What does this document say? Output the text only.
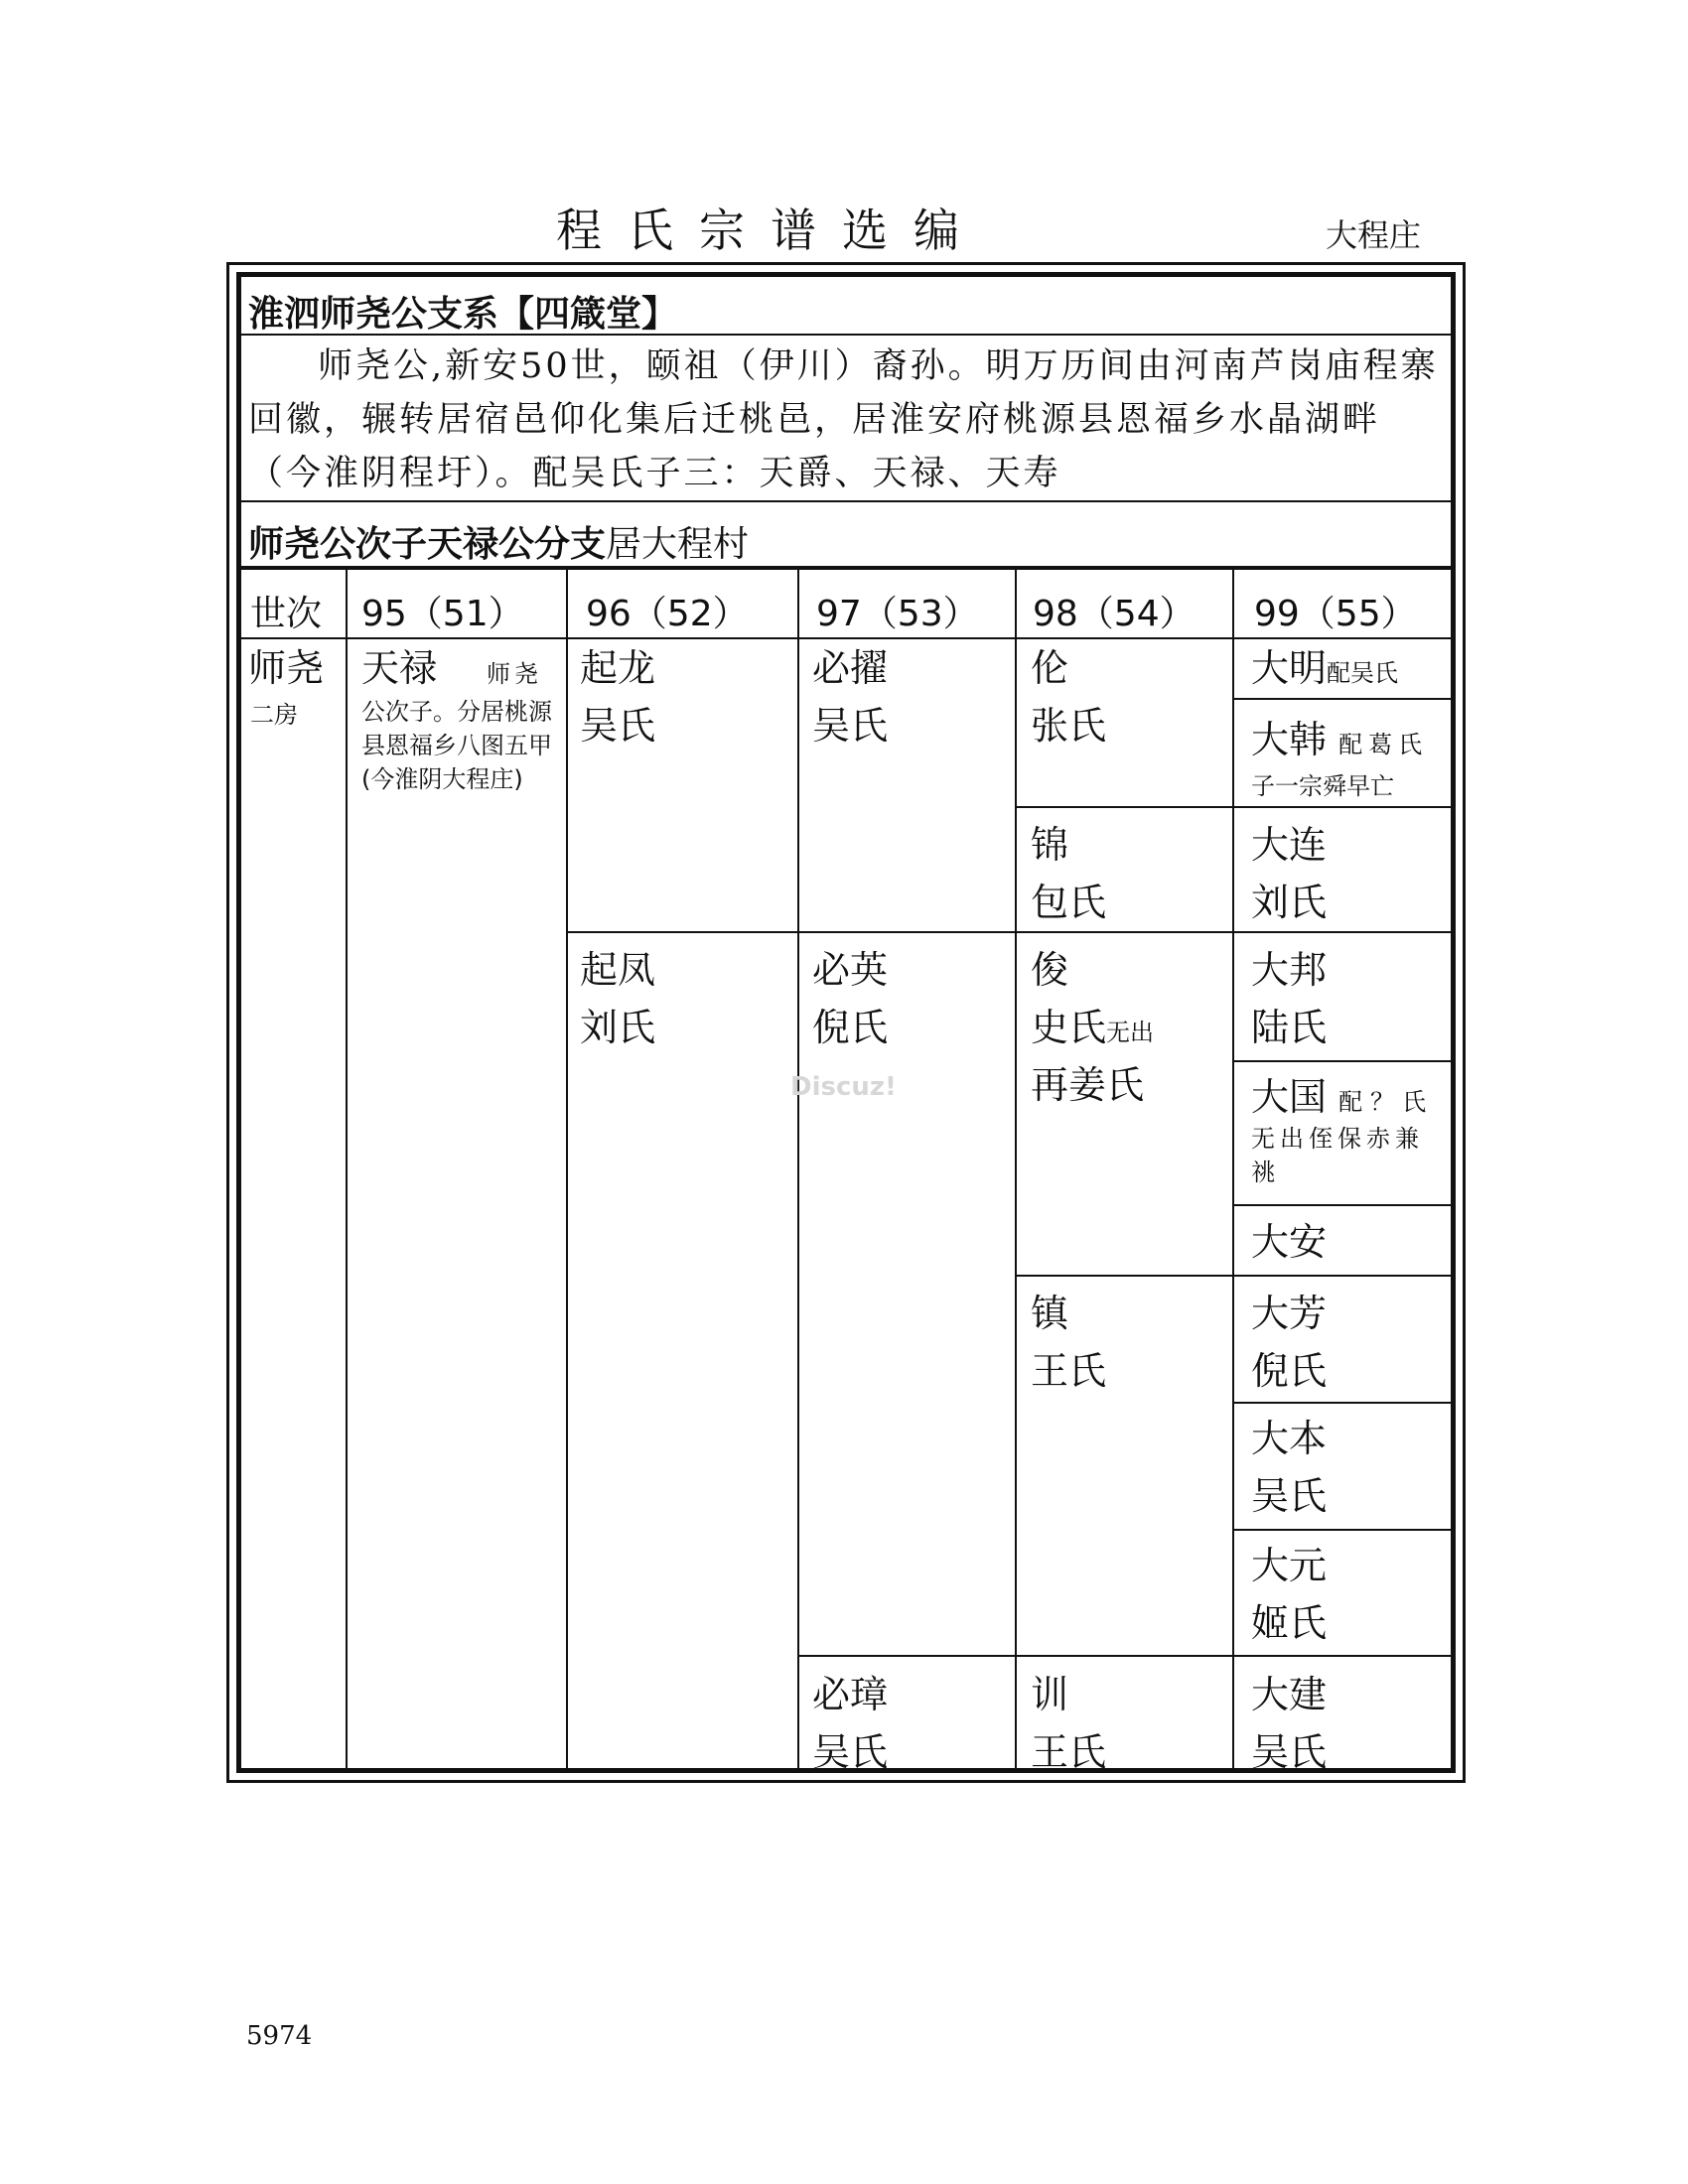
程氏宗谱选编	大程庄
淮泗师尧公支系【四箴堂】
师尧公,新安50世，颐祖（伊川）裔孙。明万历间由河南芦岗庙程寨回徽，辗转居宿邑仰化集后迁桃邑，居淮安府桃源县恩福乡水晶湖畔（今淮阴程圩）。配吴氏子三：天爵、天禄、天寿
师尧公次子天禄公分支居大程村
世次 95（51） 96（52） 97（53） 98（54） 99（55）
师尧
二房
天禄 师尧
公次子。分居桃源县恩福乡八图五甲(今淮阴大程庄)
起龙
吴氏
起凤
刘氏
必擢
吴氏
必英
倪氏
必璋
吴氏
伦
张氏
锦
包氏
俊
史氏无出
再姜氏
镇
王氏
训
王氏
大明配吴氏
大韩 配葛氏
子一宗舜早亡
大连
刘氏
大邦
陆氏
大国 配？氏
无出侄保赤兼祧
大安
大芳
倪氏
大本
吴氏
大元
姬氏
大建
吴氏
Discuz!
5974
